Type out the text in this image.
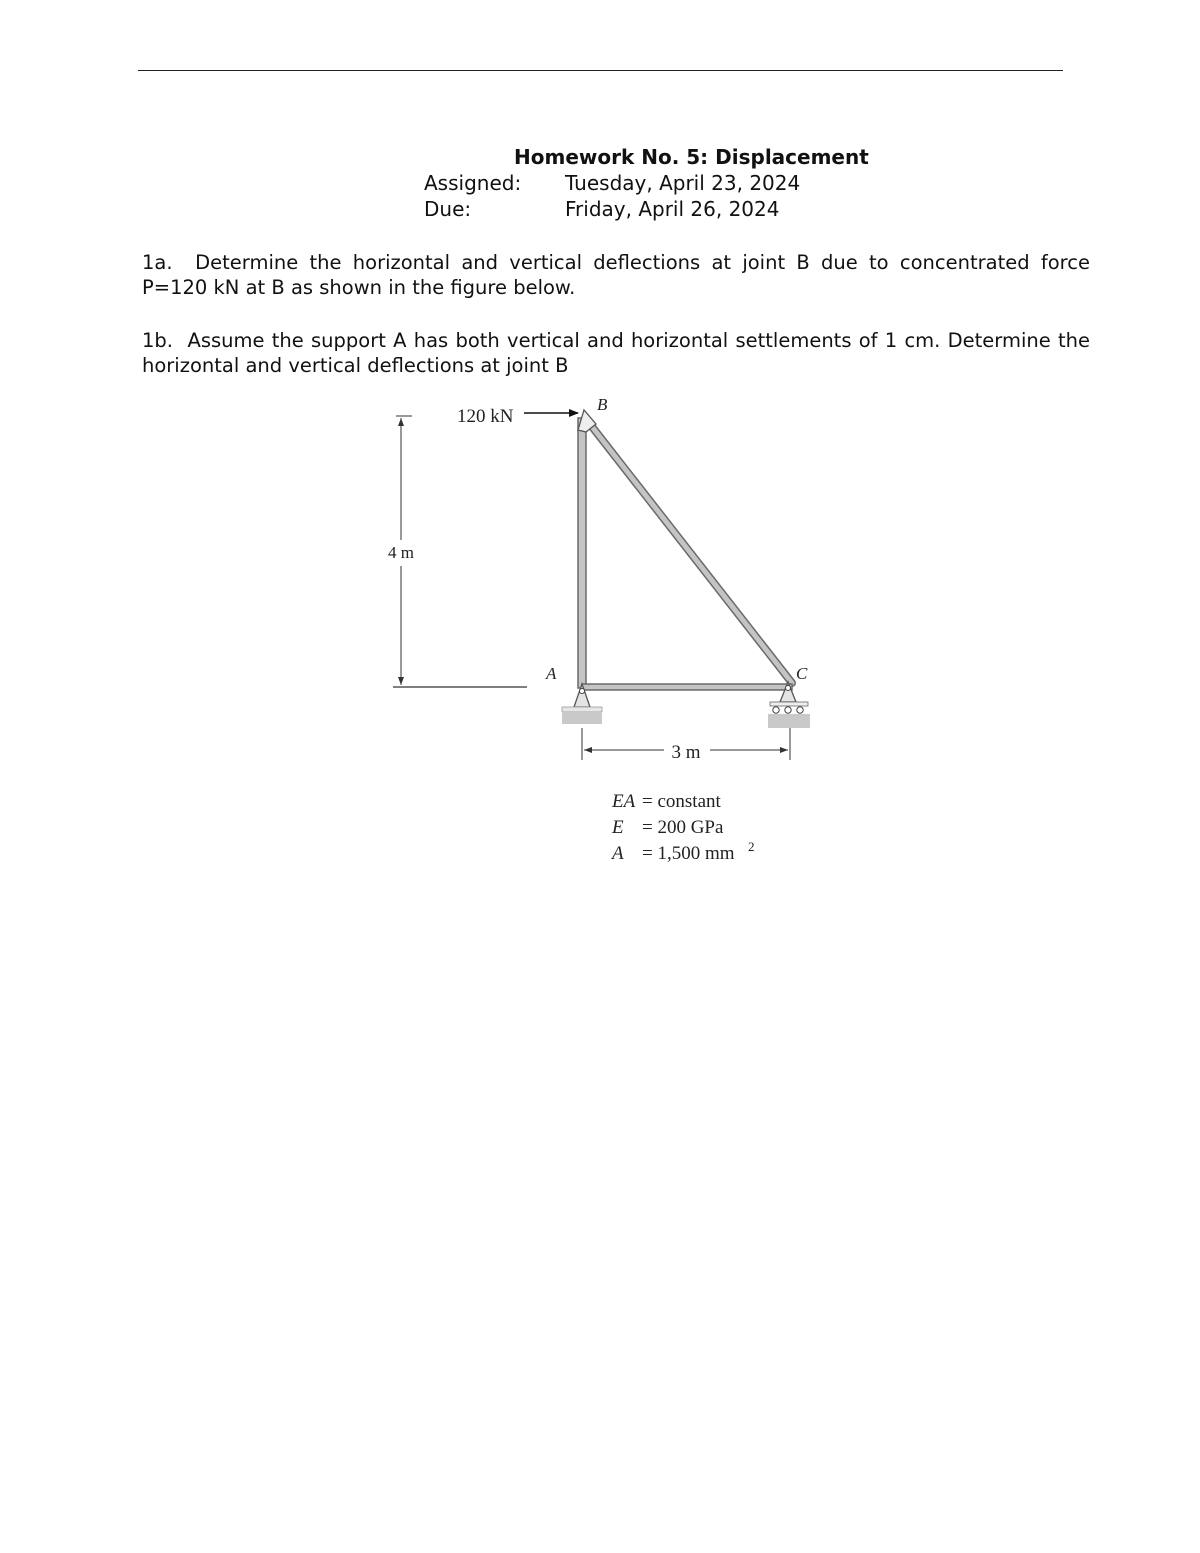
Homework No. 5: Displacement
Assigned: Tuesday, April 23, 2024
Due:	Friday, April 26, 2024
1a. Determine the horizontal and vertical deflections at joint B due to concentrated force P=120 kN at B as shown in the figure below.
1b. Assume the support A has both vertical and horizontal settlements of 1 cm. Determine the horizontal and vertical deflections at joint B
4 m
120 kN
B
A	C
3 m
EA = constant
E = 200 GPa
A = 1,500 mm 2
